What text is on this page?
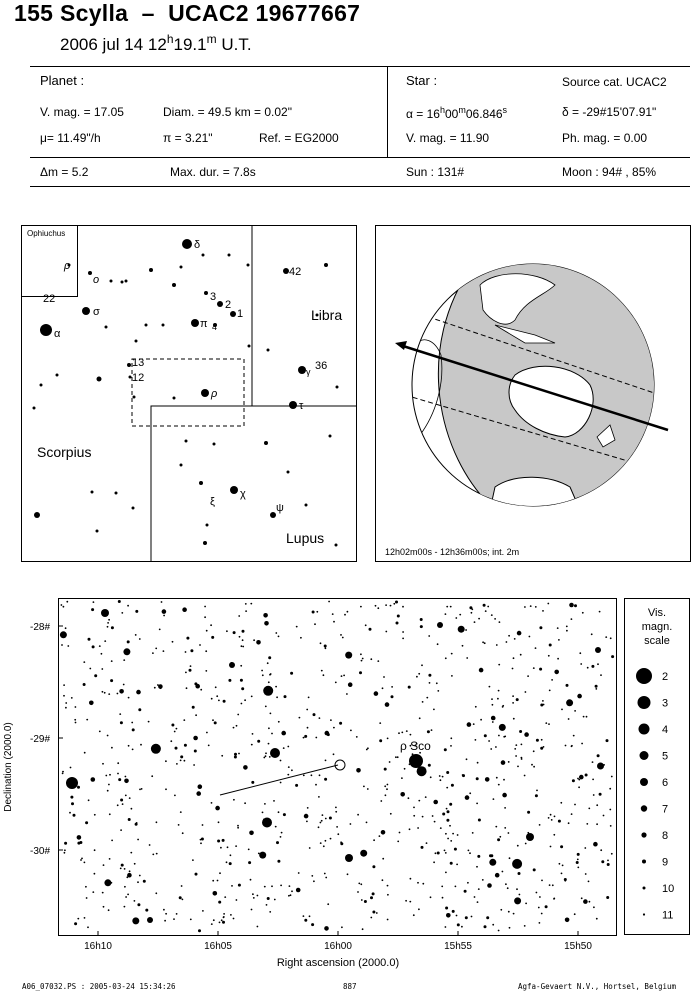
155 Scylla  –  UCAC2 19677667
2006 jul 14 12$^h$19.1$^m$ U.T.
Planet :
V. mag. = 17.05	Diam. = 49.5 km = 0.02"
μ= 11.49"/h	π = 3.21"	Ref. = EG2000
Star :	Source cat. UCAC2
$\alpha = 16^h00^m06.846^s$	δ = -29#15'07.91"
V. mag. = 11.90	Ph. mag. = 0.00
Δm = 5.2	Max. dur. = 7.8s	Sun : 131#	Moon : 94# , 85%
Ophiuchus
Libra
Scorpius
Lupus
δ
ρ
o
22
σ
α
3
2
1
π 4
42
36
γ
13
12
ρ
τ
ξ
χ
ψ
12h02m00s - 12h36m00s; int. 2m
-28#
-29#
-30#
16h10	16h05	16h00	15h55	15h50
Right ascension (2000.0)
Declination (2000.0)	ρ Sco
Vis.
magn.
scale
2
3
4
5
6
7
8
9
10
11
A06_07032.PS : 2005-03-24 15:34:26	887	Agfa-Gevaert N.V., Hortsel, Belgium
